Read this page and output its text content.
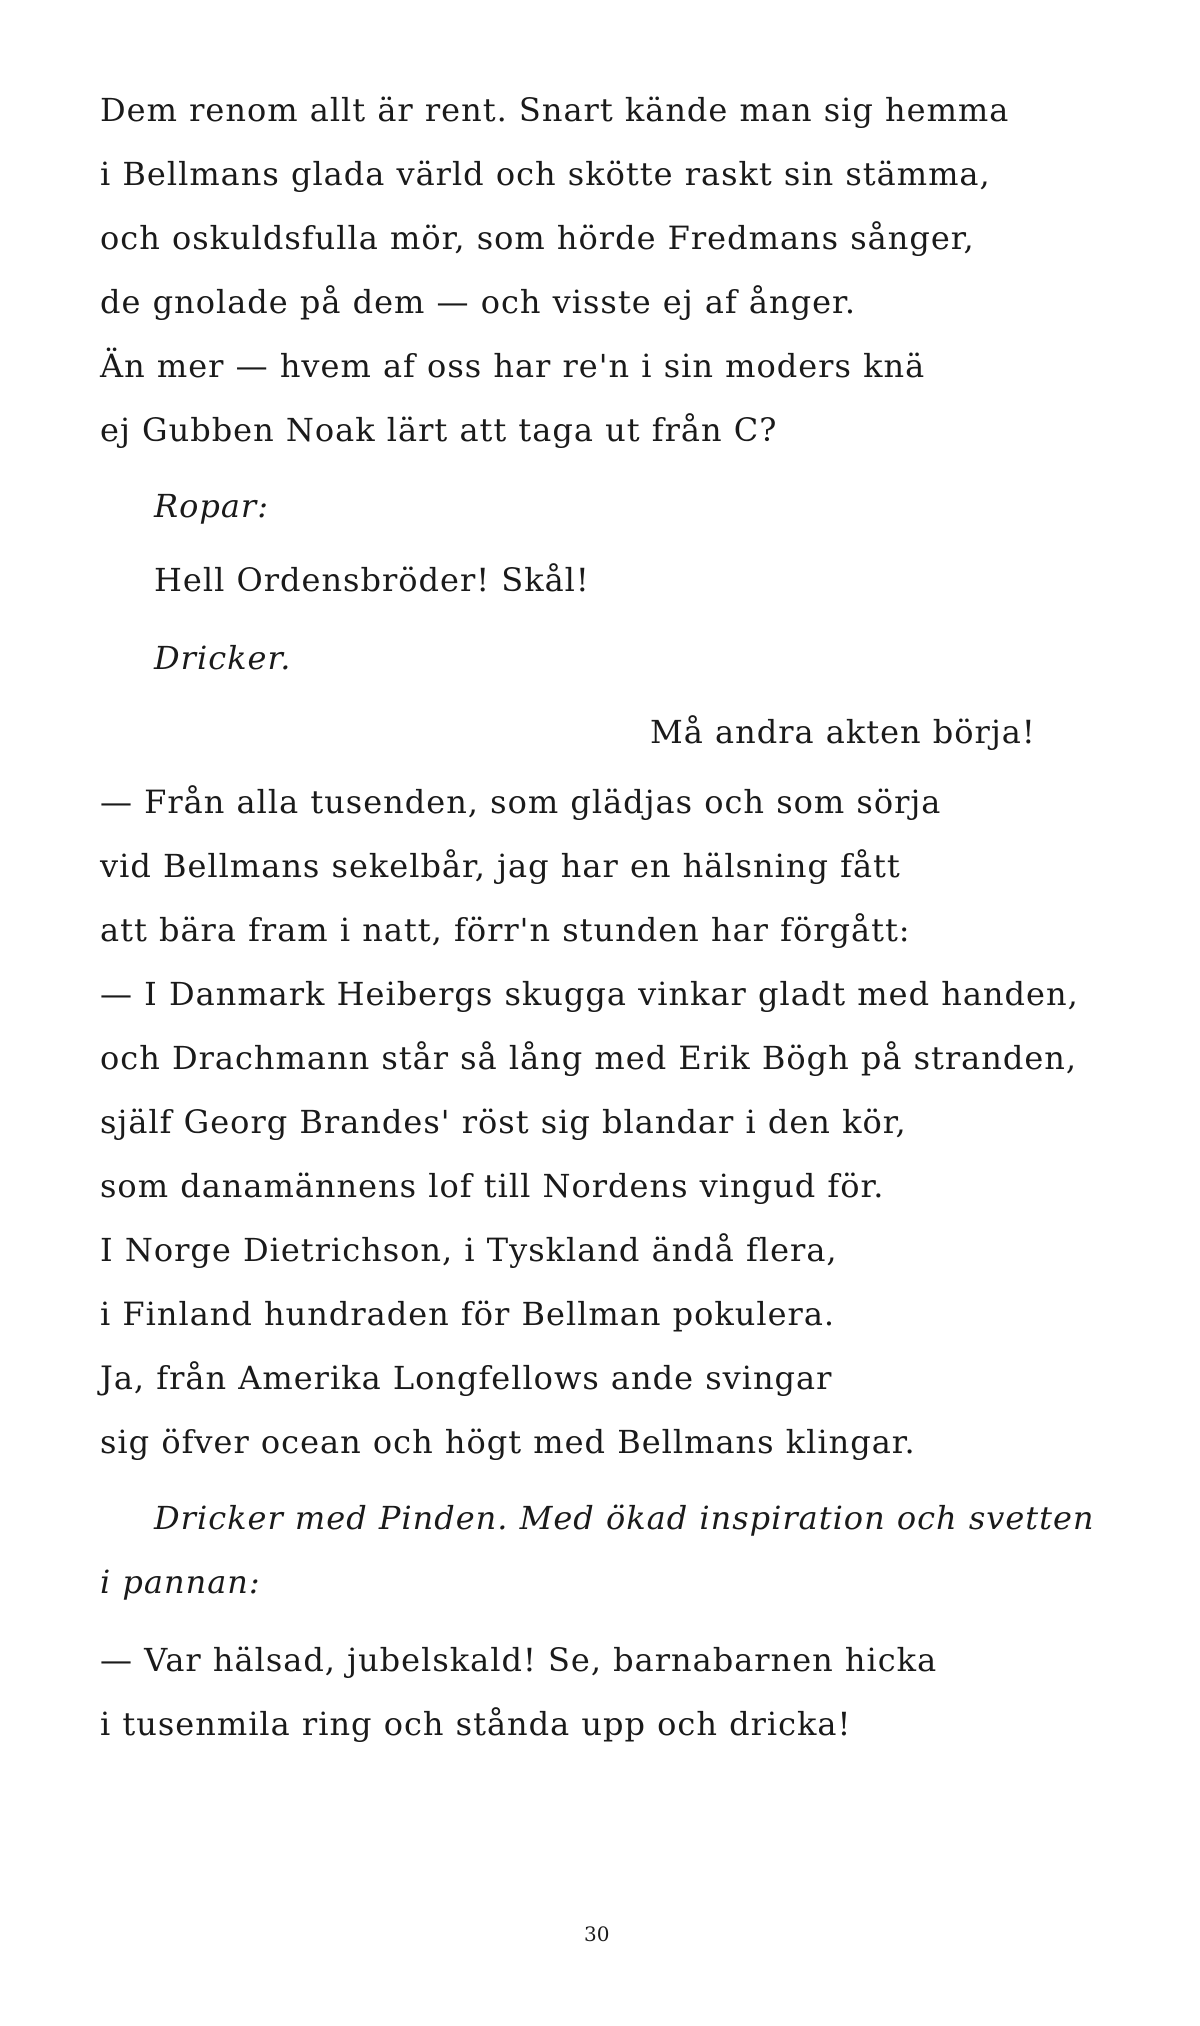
Dem renom allt är rent. Snart kände man sig hemma
i Bellmans glada värld och skötte raskt sin stämma,
och oskuldsfulla mör, som hörde Fredmans sånger,
de gnolade på dem — och visste ej af ånger.
Än mer — hvem af oss har re'n i sin moders knä
ej Gubben Noak lärt att taga ut från C?
Ropar:
Hell Ordensbröder! Skål!
Dricker.
Må andra akten börja!
— Från alla tusenden, som glädjas och som sörja
vid Bellmans sekelbår, jag har en hälsning fått
att bära fram i natt, förr'n stunden har förgått:
— I Danmark Heibergs skugga vinkar gladt med handen,
och Drachmann står så lång med Erik Bögh på stranden,
själf Georg Brandes' röst sig blandar i den kör,
som danamännens lof till Nordens vingud för.
I Norge Dietrichson, i Tyskland ändå flera,
i Finland hundraden för Bellman pokulera.
Ja, från Amerika Longfellows ande svingar
sig öfver ocean och högt med Bellmans klingar.
Dricker med Pinden. Med ökad inspiration och svetten
i pannan:
— Var hälsad, jubelskald! Se, barnabarnen hicka
i tusenmila ring och stånda upp och dricka!
30
